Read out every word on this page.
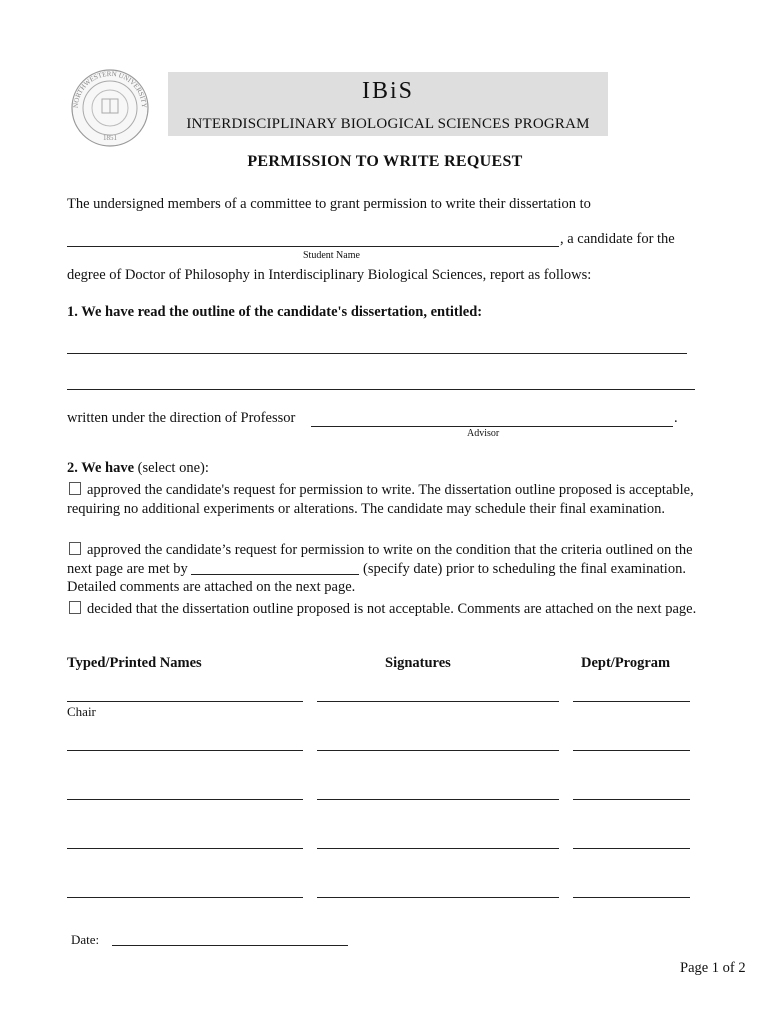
NORTHWESTERN UNIVERSITY
1851
IBiS
INTERDISCIPLINARY BIOLOGICAL SCIENCES PROGRAM
PERMISSION TO WRITE REQUEST
The undersigned members of a committee to grant permission to write their dissertation to
, a candidate for the
Student Name
degree of Doctor of Philosophy in Interdisciplinary Biological Sciences, report as follows:
1. We have read the outline of the candidate's dissertation, entitled:
written under the direction of Professor	.
Advisor
2. We have (select one):
approved the candidate's request for permission to write. The dissertation outline proposed is acceptable, requiring no additional experiments or alterations. The candidate may schedule their final examination.
approved the candidate’s request for permission to write on the condition that the criteria outlined on the next page are met by	(specify date) prior to scheduling the final examination. Detailed comments are attached on the next page.
decided that the dissertation outline proposed is not acceptable. Comments are attached on the next page.
Typed/Printed Names	Signatures	Dept/Program
Chair
Date:
Page 1 of 2
